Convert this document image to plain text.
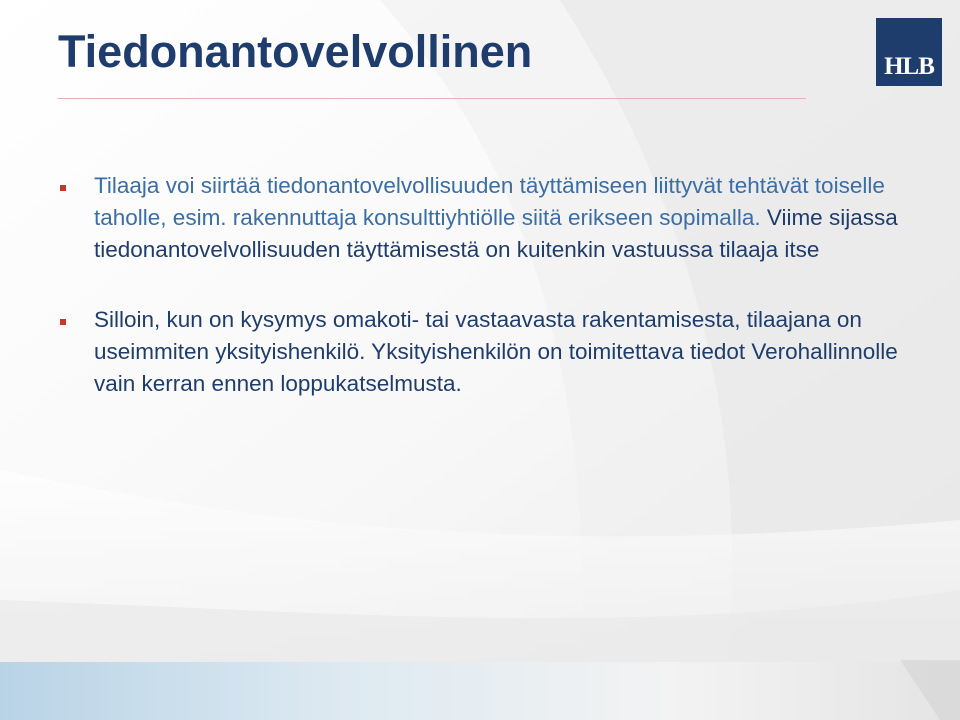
Tiedonantovelvollinen	HLB
Tilaaja voi siirtää tiedonantovelvollisuuden täyttämiseen liittyvät tehtävät toiselle taholle, esim. rakennuttaja konsulttiyhtiölle siitä erikseen sopimalla. Viime sijassa tiedonantovelvollisuuden täyttämisestä on kuitenkin vastuussa tilaaja itse
Silloin, kun on kysymys omakoti- tai vastaavasta rakentamisesta, tilaajana on useimmiten yksityishenkilö. Yksityishenkilön on toimitettava tiedot Verohallinnolle vain kerran ennen loppukatselmusta.
